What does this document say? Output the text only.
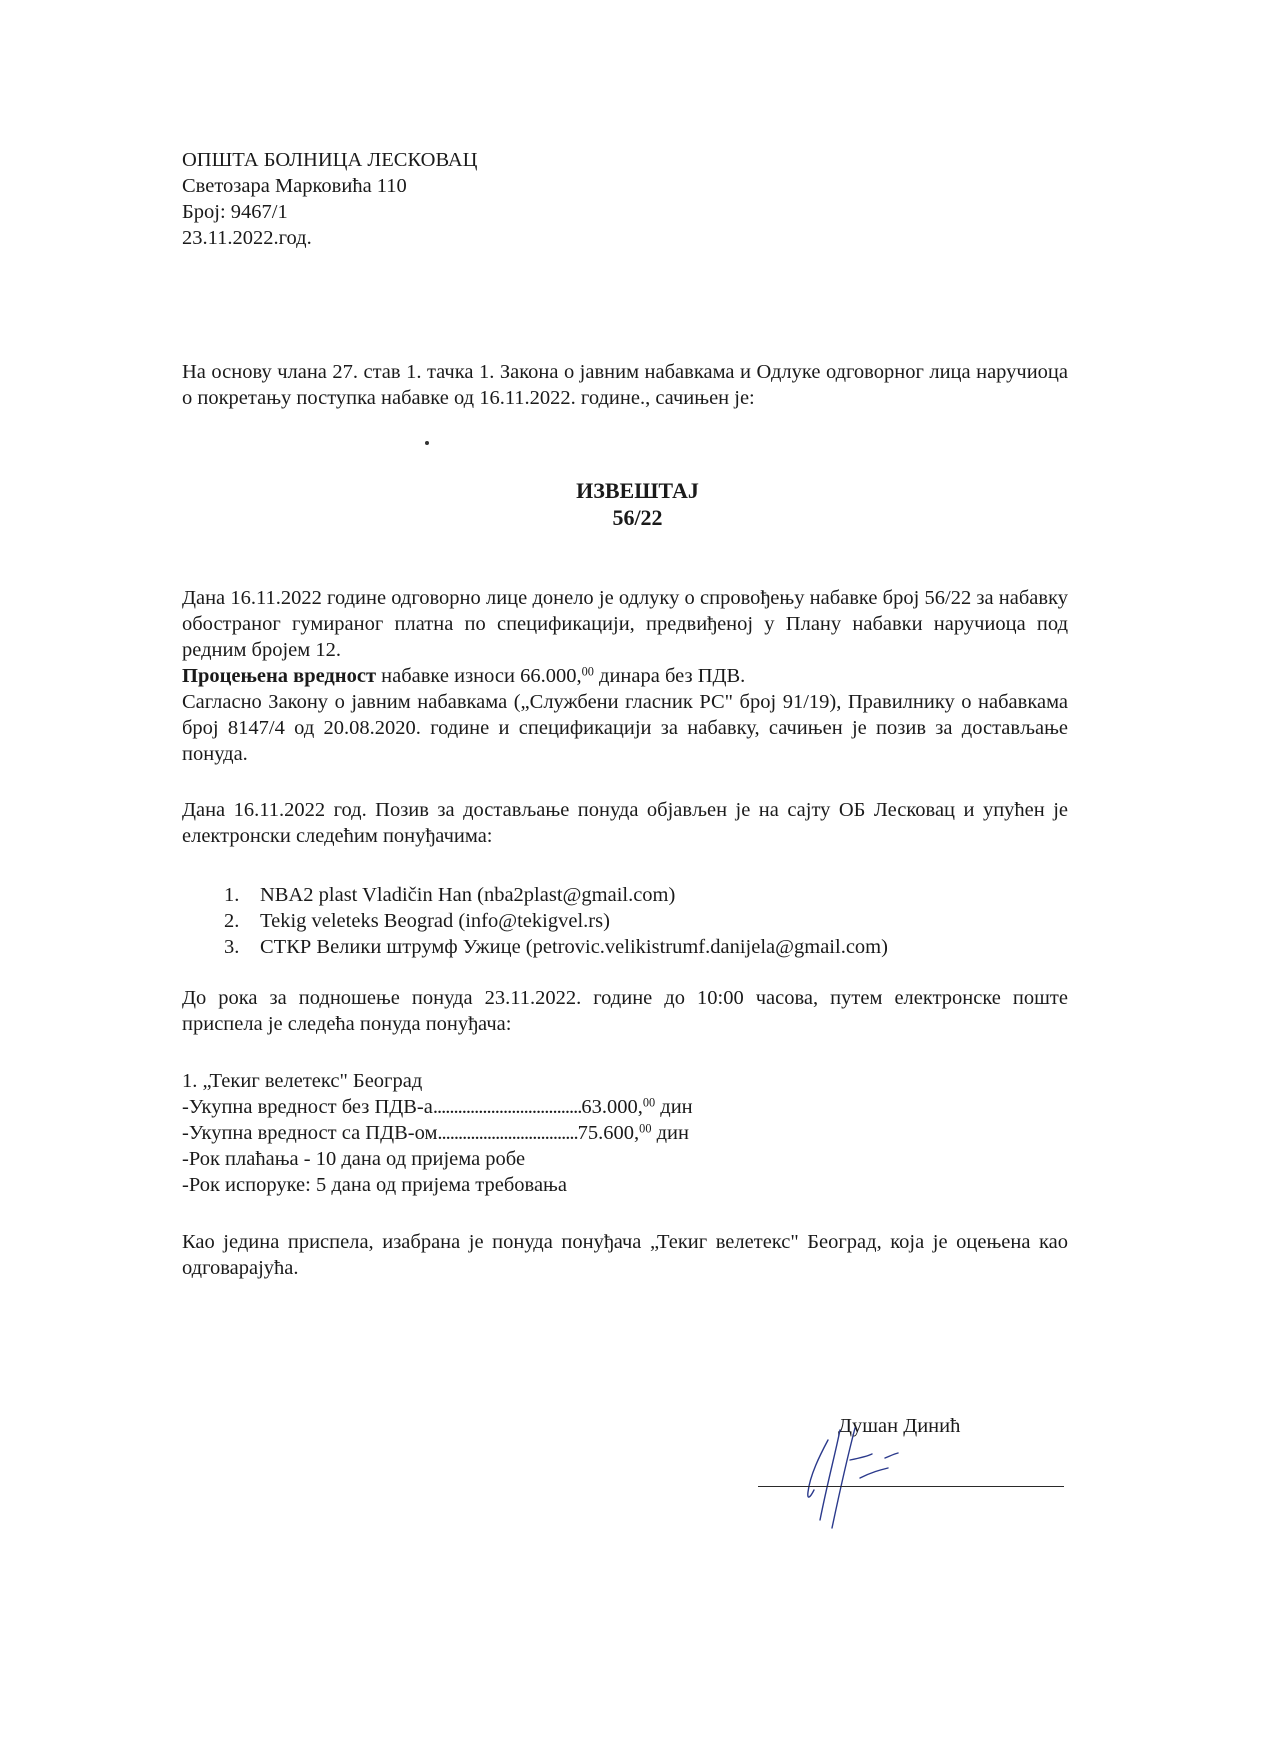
ОПШТА БОЛНИЦА ЛЕСКОВАЦ
Светозара Марковића 110
Број: 9467/1
23.11.2022.год.
На основу члана 27. став 1. тачка 1. Закона о јавним набавкама и Одлуке одговорног лица наручиоца о покретању поступка набавке од 16.11.2022. године., сачињен је:
ИЗВЕШТАЈ
56/22
Дана 16.11.2022 године одговорно лице донело је одлуку о спровођењу набавке број 56/22 за набавку обостраног гумираног платна по спецификацији, предвиђеној у Плану набавки наручиоца под редним бројем 12.
Процењена вредност набавке износи 66.000,00 динара без ПДВ.
Сагласно Закону о јавним набавкама („Службени гласник РС" број 91/19), Правилнику о набавкама број 8147/4 од 20.08.2020. године и спецификацији за набавку, сачињен је позив за достављање понуда.
Дана 16.11.2022 год. Позив за достављање понуда објављен је на сајту ОБ Лесковац и упућен је електронски следећим понуђачима:
1. NBA2 plast Vladičin Han (nba2plast@gmail.com)
2. Tekig veleteks Beograd (info@tekigvel.rs)
3. СТКР Велики штрумф Ужице (petrovic.velikistrumf.danijela@gmail.com)
До рока за подношење понуда 23.11.2022. године до 10:00 часова, путем електронске поште приспела је следећа понуда понуђача:
1. „Текиг велетекс" Београд
-Укупна вредност без ПДВ-а....................................63.000,00 дин
-Укупна вредност са ПДВ-ом..................................75.600,00 дин
-Рок плаћања - 10 дана од пријема робе
-Рок испоруке: 5 дана од пријема требовања
Као једина приспела, изабрана је понуда понуђача „Текиг велетекс" Београд, која је оцењена као одговарајућа.
Душан Динић
